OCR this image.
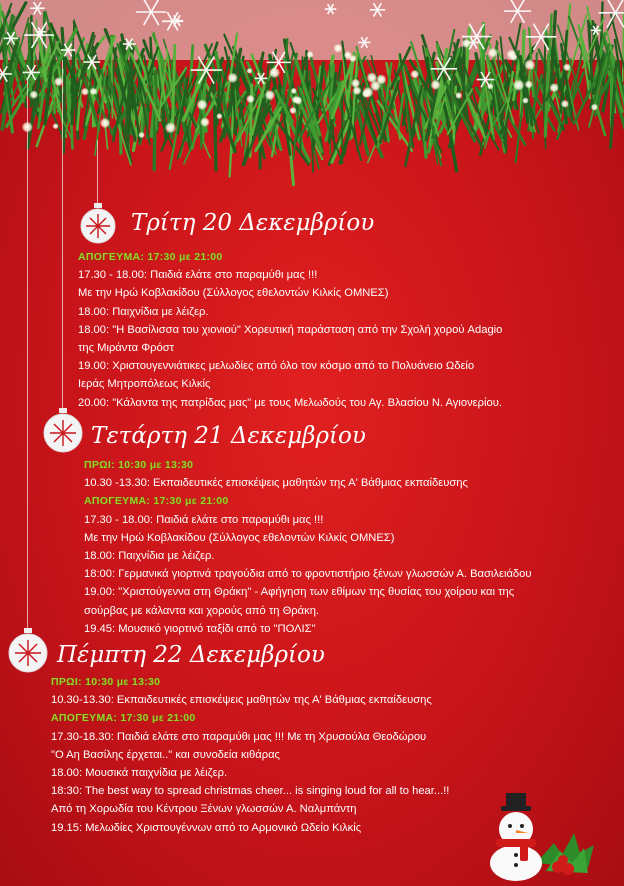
Τρίτη 20 Δεκεμβρίου
ΑΠΟΓΕΥΜΑ: 17:30 με 21:00
17.30 - 18.00: Παιδιά ελάτε στο παραμύθι μας !!!
Με την Ηρώ Κοβλακίδου (Σύλλογος εθελοντών Κιλκίς ΟΜΝΕΣ)
18.00: Παιχνίδια με λέιζερ.
18.00: "Η Βασίλισσα του χιονιού" Χορευτική παράσταση από την Σχολή χορού Adagio
της Μιράντα Φρόστ
19.00: Χριστουγεννιάτικες μελωδίες από όλο τον κόσμο από το Πολυάνειο Ωδείο
Ιεράς Μητροπόλεως Κιλκίς
20.00: "Κάλαντα της πατρίδας μας" με τους Μελωδούς του Αγ. Βλασίου Ν. Αγιονερίου.
Τετάρτη 21 Δεκεμβρίου
ΠΡΩΙ: 10:30 με 13:30
10.30 -13.30: Εκπαιδευτικές επισκέψεις μαθητών της Α' Βάθμιας εκπαίδευσης
ΑΠΟΓΕΥΜΑ: 17:30 με 21:00
17.30 - 18.00: Παιδιά ελάτε στο παραμύθι μας !!!
Με την Ηρώ Κοβλακίδου (Σύλλογος εθελοντών Κιλκίς ΟΜΝΕΣ)
18.00: Παιχνίδια με λέιζερ.
18:00: Γερμανικά γιορτινά τραγούδια από το φροντιστήριο ξένων γλωσσών Α. Βασιλειάδου
19.00: "Χριστούγεννα στη Θράκη" - Αφήγηση των εθίμων της θυσίας του χοίρου και της
σούρβας με κάλαντα και χορούς από τη Θράκη.
19.45: Μουσικό γιορτινό ταξίδι από το "ΠΟΛΙΣ"
Πέμπτη 22 Δεκεμβρίου
ΠΡΩΙ: 10:30 με 13:30
10.30-13.30: Εκπαιδευτικές επισκέψεις μαθητών της Α' Βάθμιας εκπαίδευσης
ΑΠΟΓΕΥΜΑ: 17:30 με 21:00
17.30-18.30: Παιδιά ελάτε στο παραμύθι μας !!! Με τη Χρυσούλα Θεοδώρου
"Ο Αη Βασίλης έρχεται.." και συνοδεία κιθάρας
18.00: Μουσικά παιχνίδια με λέιζερ.
18:30: The best way to spread christmas cheer... is singing loud for all to hear...!!
Από τη Χορωδία του Κέντρου Ξένων γλωσσών Α. Ναλμπάντη
19.15: Μελωδίες Χριστουγέννων από το Αρμονικό Ωδείο Κιλκίς
